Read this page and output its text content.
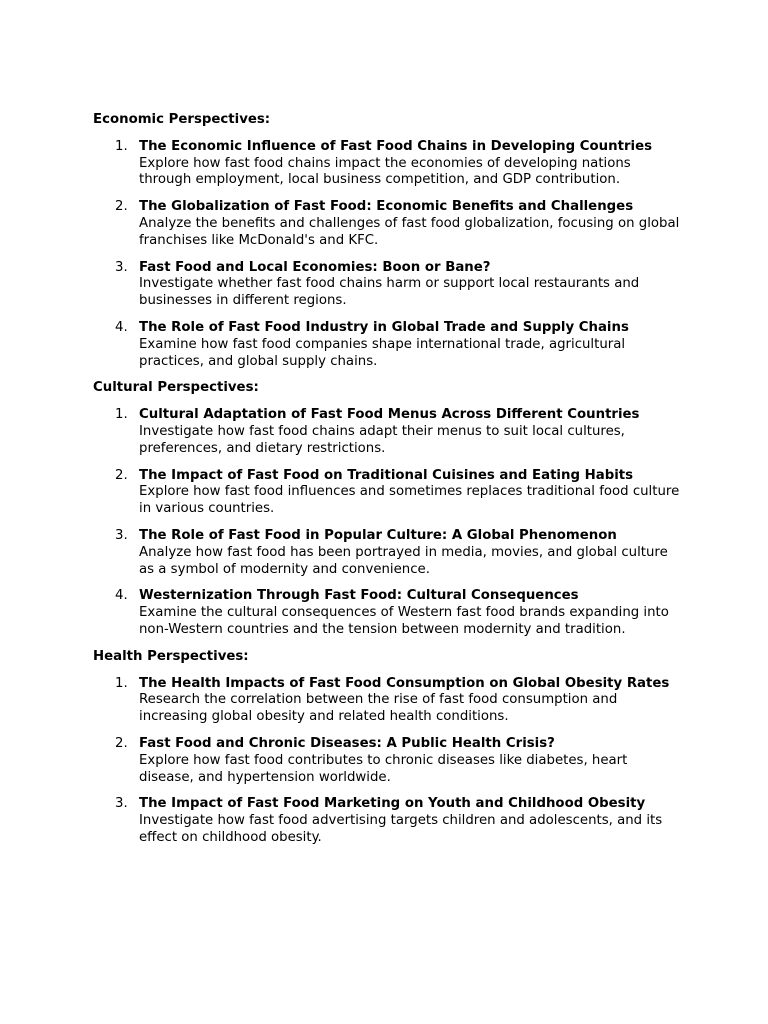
Economic Perspectives:

1. The Economic Influence of Fast Food Chains in Developing Countries
Explore how fast food chains impact the economies of developing nations through employment, local business competition, and GDP contribution.
2. The Globalization of Fast Food: Economic Benefits and Challenges
Analyze the benefits and challenges of fast food globalization, focusing on global franchises like McDonald's and KFC.
3. Fast Food and Local Economies: Boon or Bane?
Investigate whether fast food chains harm or support local restaurants and businesses in different regions.
4. The Role of Fast Food Industry in Global Trade and Supply Chains
Examine how fast food companies shape international trade, agricultural practices, and global supply chains.

Cultural Perspectives:

1. Cultural Adaptation of Fast Food Menus Across Different Countries
Investigate how fast food chains adapt their menus to suit local cultures, preferences, and dietary restrictions.
2. The Impact of Fast Food on Traditional Cuisines and Eating Habits
Explore how fast food influences and sometimes replaces traditional food culture in various countries.
3. The Role of Fast Food in Popular Culture: A Global Phenomenon
Analyze how fast food has been portrayed in media, movies, and global culture as a symbol of modernity and convenience.
4. Westernization Through Fast Food: Cultural Consequences
Examine the cultural consequences of Western fast food brands expanding into non-Western countries and the tension between modernity and tradition.

Health Perspectives:

1. The Health Impacts of Fast Food Consumption on Global Obesity Rates
Research the correlation between the rise of fast food consumption and increasing global obesity and related health conditions.
2. Fast Food and Chronic Diseases: A Public Health Crisis?
Explore how fast food contributes to chronic diseases like diabetes, heart disease, and hypertension worldwide.
3. The Impact of Fast Food Marketing on Youth and Childhood Obesity
Investigate how fast food advertising targets children and adolescents, and its effect on childhood obesity.
